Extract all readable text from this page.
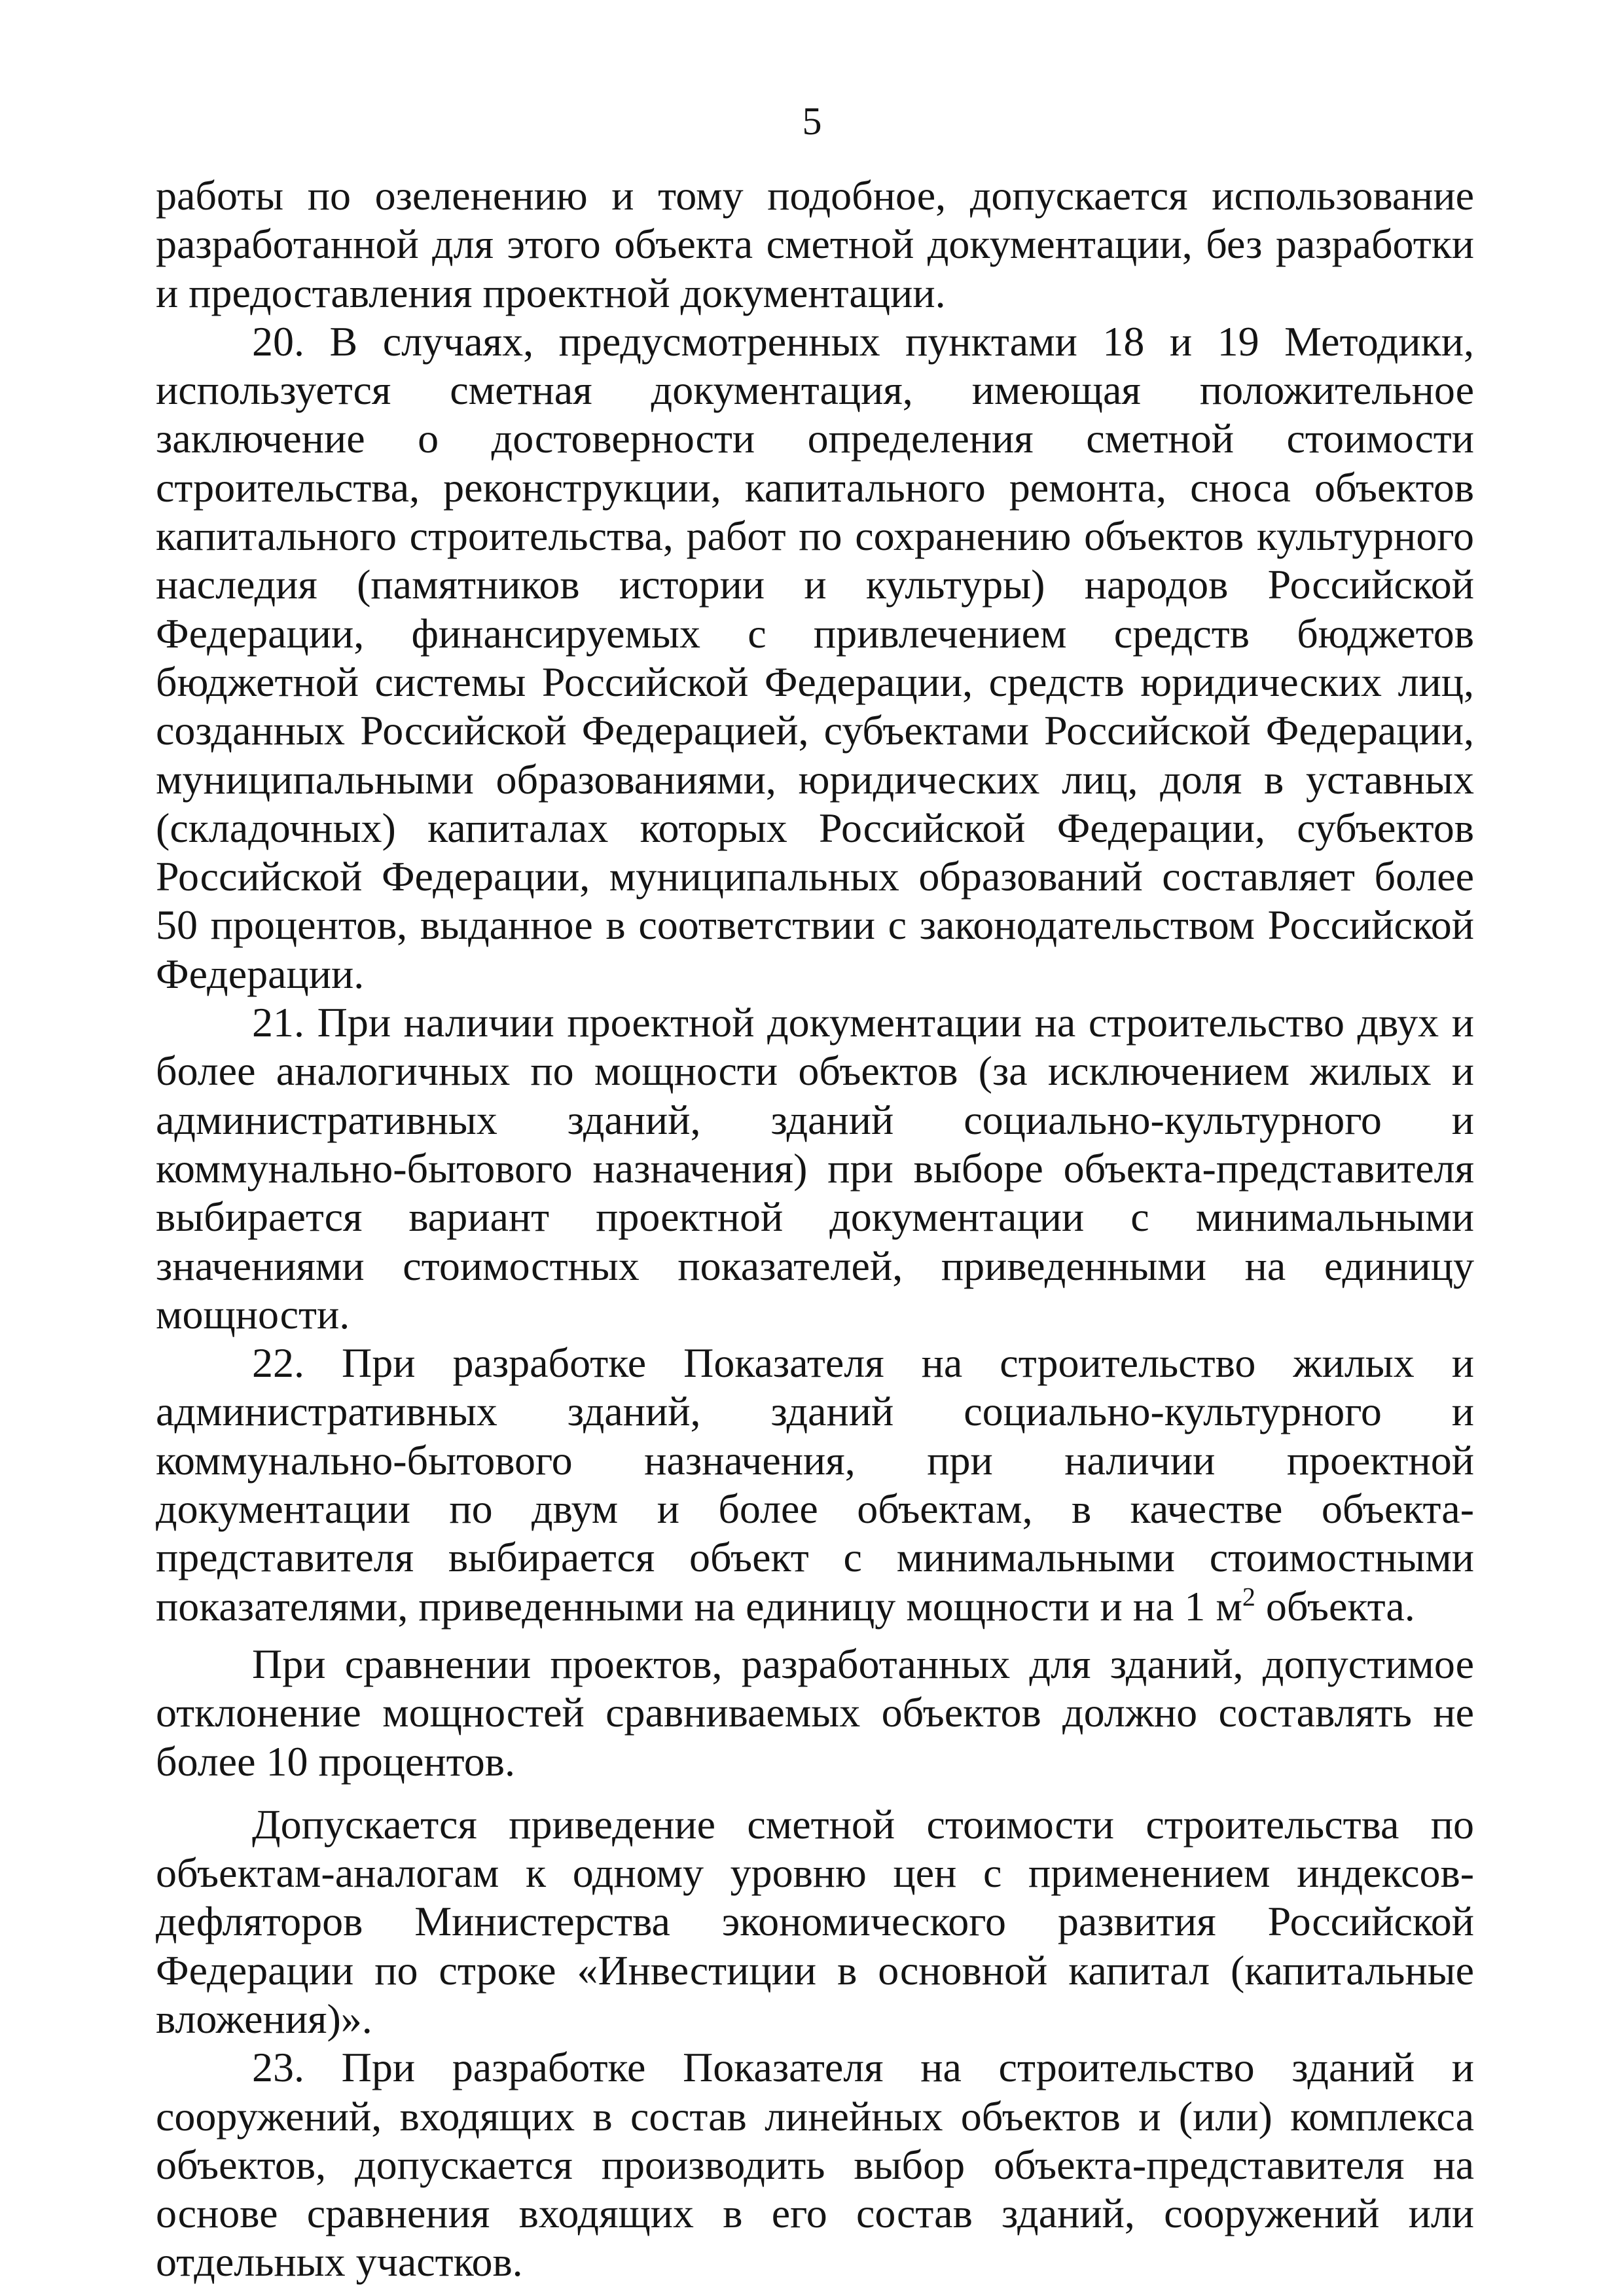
5

работы по озеленению и тому подобное, допускается использование разработанной для этого объекта сметной документации, без разработки и предоставления проектной документации.

20. В случаях, предусмотренных пунктами 18 и 19 Методики, используется сметная документация, имеющая положительное заключение о достоверности определения сметной стоимости строительства, реконструкции, капитального ремонта, сноса объектов капитального строительства, работ по сохранению объектов культурного наследия (памятников истории и культуры) народов Российской Федерации, финансируемых с привлечением средств бюджетов бюджетной системы Российской Федерации, средств юридических лиц, созданных Российской Федерацией, субъектами Российской Федерации, муниципальными образованиями, юридических лиц, доля в уставных (складочных) капиталах которых Российской Федерации, субъектов Российской Федерации, муниципальных образований составляет более 50 процентов, выданное в соответствии с законодательством Российской Федерации.

21. При наличии проектной документации на строительство двух и более аналогичных по мощности объектов (за исключением жилых и административных зданий, зданий социально-культурного и коммунально-бытового назначения) при выборе объекта-представителя выбирается вариант проектной документации с минимальными значениями стоимостных показателей, приведенными на единицу мощности.

22. При разработке Показателя на строительство жилых и административных зданий, зданий социально-культурного и коммунально-бытового назначения, при наличии проектной документации по двум и более объектам, в качестве объекта-представителя выбирается объект с минимальными стоимостными показателями, приведенными на единицу мощности и на 1 $м^2$ объекта.

При сравнении проектов, разработанных для зданий, допустимое отклонение мощностей сравниваемых объектов должно составлять не более 10 процентов.

Допускается приведение сметной стоимости строительства по объектам-аналогам к одному уровню цен с применением индексов-дефляторов Министерства экономического развития Российской Федерации по строке «Инвестиции в основной капитал (капитальные вложения)».

23. При разработке Показателя на строительство зданий и сооружений, входящих в состав линейных объектов и (или) комплекса объектов, допускается производить выбор объекта-представителя на основе сравнения входящих в его состав зданий, сооружений или отдельных участков.
